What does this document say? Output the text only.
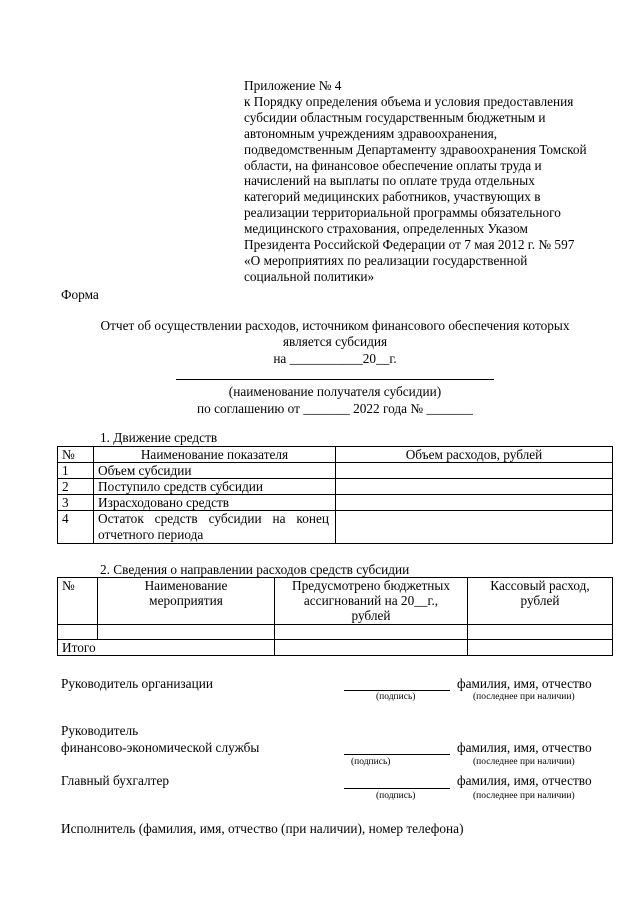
Приложение № 4
к Порядку определения объема и условия предоставления
субсидии областным государственным бюджетным и
автономным учреждениям здравоохранения,
подведомственным Департаменту здравоохранения Томской
области, на финансовое обеспечение оплаты труда и
начислений на выплаты по оплате труда отдельных
категорий медицинских работников, участвующих в
реализации территориальной программы обязательного
медицинского страхования, определенных Указом
Президента Российской Федерации от 7 мая 2012 г. № 597
«О мероприятиях по реализации государственной
социальной политики»
Форма
Отчет об осуществлении расходов, источником финансового обеспечения которых
является субсидия
на ___________20__г.
(наименование получателя субсидии)
по соглашению от _______ 2022 года № _______
1. Движение средств
№	Наименование показателя	Объем расходов, рублей
1	Объем субсидии	
2	Поступило средств субсидии	
3	Израсходовано средств	
4	Остаток средств субсидии на конец отчетного периода	
2. Сведения о направлении расходов средств субсидии
№	Наименование мероприятия	Предусмотрено бюджетных ассигнований на 20__г., рублей	Кассовый расход, рублей

Итого			
Руководитель организации
(подпись)
фамилия, имя, отчество
(последнее при наличии)
Руководитель
финансово-экономической службы
(подпись)
фамилия, имя, отчество
(последнее при наличии)
Главный бухгалтер
(подпись)
фамилия, имя, отчество
(последнее при наличии)
Исполнитель (фамилия, имя, отчество (при наличии), номер телефона)
